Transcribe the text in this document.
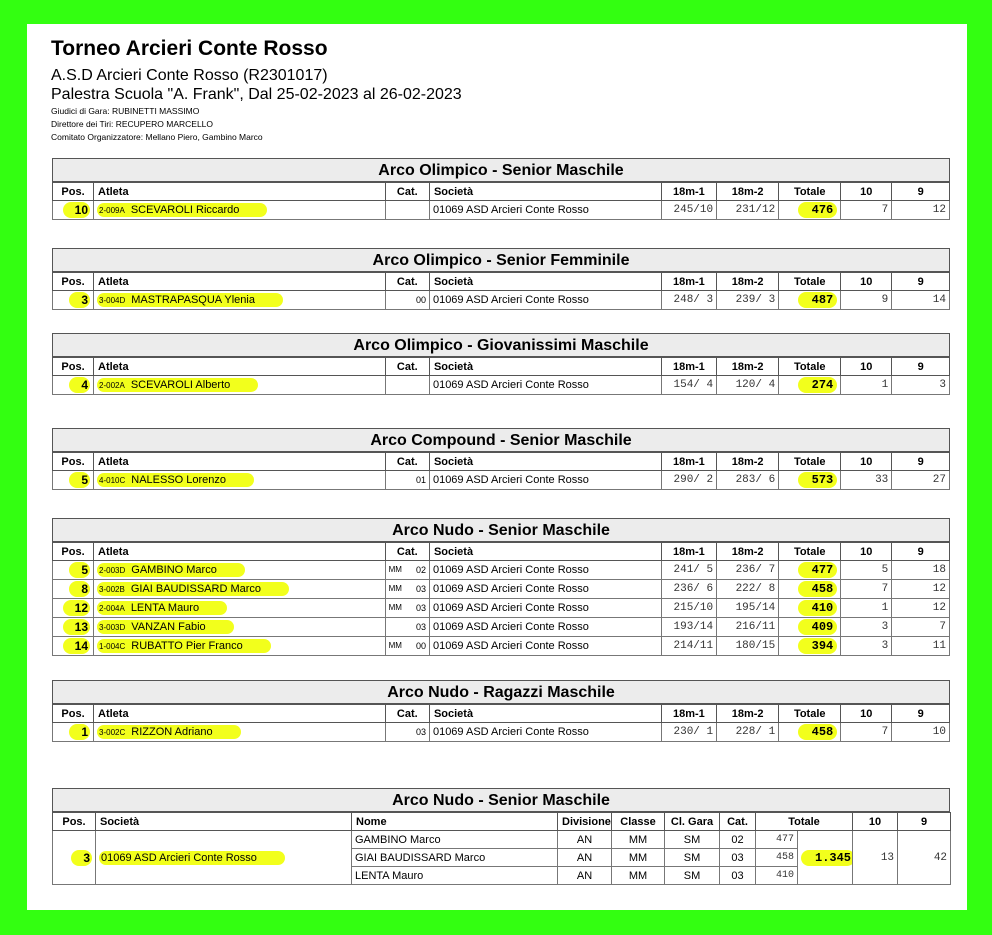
Torneo Arcieri Conte Rosso
A.S.D Arcieri Conte Rosso (R2301017)
Palestra Scuola "A. Frank", Dal 25-02-2023 al 26-02-2023
Giudici di Gara: RUBINETTI MASSIMO
Direttore dei Tiri: RECUPERO MARCELLO
Comitato Organizzatore: Mellano Piero, Gambino Marco
Arco Olimpico - Senior Maschile
Pos.	Atleta	Cat.	Società	18m-1	18m-2	Totale	10	9
10	2-009A SCEVAROLI Riccardo		01069 ASD Arcieri Conte Rosso	245/10	231/12	476	7	12
Arco Olimpico - Senior Femminile
Pos.	Atleta	Cat.	Società	18m-1	18m-2	Totale	10	9
3	3-004D MASTRAPASQUA Ylenia	00	01069 ASD Arcieri Conte Rosso	248/ 3	239/ 3	487	9	14
Arco Olimpico - Giovanissimi Maschile
Pos.	Atleta	Cat.	Società	18m-1	18m-2	Totale	10	9
4	2-002A SCEVAROLI Alberto		01069 ASD Arcieri Conte Rosso	154/ 4	120/ 4	274	1	3
Arco Compound - Senior Maschile
Pos.	Atleta	Cat.	Società	18m-1	18m-2	Totale	10	9
5	4-010C NALESSO Lorenzo	01	01069 ASD Arcieri Conte Rosso	290/ 2	283/ 6	573	33	27
Arco Nudo - Senior Maschile
Pos.	Atleta	Cat.	Società	18m-1	18m-2	Totale	10	9
5	2-003D GAMBINO Marco	MM 02	01069 ASD Arcieri Conte Rosso	241/ 5	236/ 7	477	5	18
8	3-002B GIAI BAUDISSARD Marco	MM 03	01069 ASD Arcieri Conte Rosso	236/ 6	222/ 8	458	7	12
12	2-004A LENTA Mauro	MM 03	01069 ASD Arcieri Conte Rosso	215/10	195/14	410	1	12
13	3-003D VANZAN Fabio	03	01069 ASD Arcieri Conte Rosso	193/14	216/11	409	3	7
14	1-004C RUBATTO Pier Franco	MM 00	01069 ASD Arcieri Conte Rosso	214/11	180/15	394	3	11
Arco Nudo - Ragazzi Maschile
Pos.	Atleta	Cat.	Società	18m-1	18m-2	Totale	10	9
1	3-002C RIZZON Adriano	03	01069 ASD Arcieri Conte Rosso	230/ 1	228/ 1	458	7	10
Arco Nudo - Senior Maschile
Pos.	Società	Nome	Divisione	Classe	Cl. Gara	Cat.	Totale		10	9
3	01069 ASD Arcieri Conte Rosso	GAMBINO Marco	AN	MM	SM	02	477	1.345	13	42
		GIAI BAUDISSARD Marco	AN	MM	SM	03	458			
		LENTA Mauro	AN	MM	SM	03	410			
